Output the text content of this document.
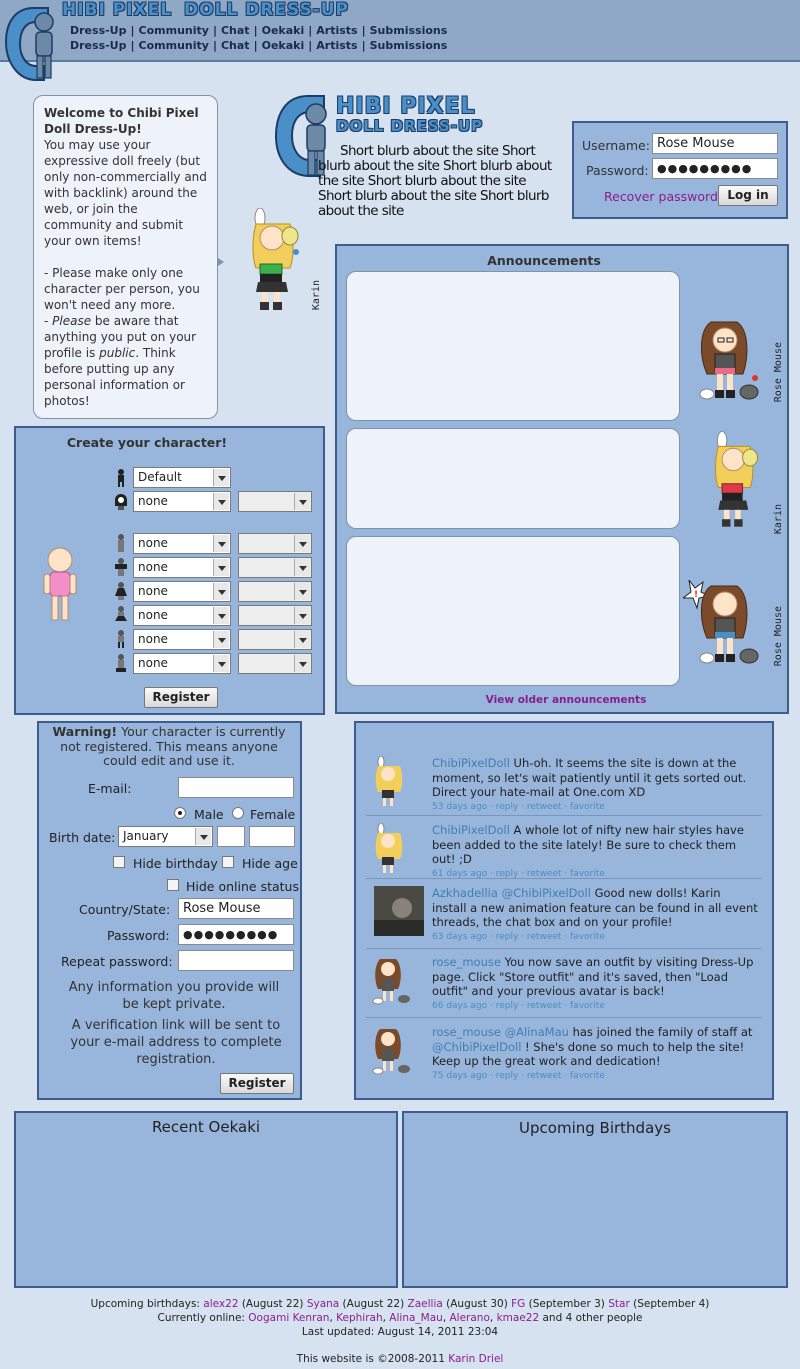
HIBI PIXEL DOLL DRESS-UP
Dress-Up | Community | Chat | Oekaki | Artists | Submissions
Dress-Up | Community | Chat | Oekaki | Artists | Submissions
Welcome to Chibi Pixel Doll Dress-Up!
You may use your expressive doll freely (but only non-commercially and with backlink) around the web, or join the community and submit your own items!
- Please make only one character per person, you won't need any more.
- Please be aware that anything you put on your profile is public. Think before putting up any personal information or photos!
Karin
HIBI PIXEL
DOLL DRESS-UP
Short blurb about the site Short blurb about the site Short blurb about the site Short blurb about the site Short blurb about the site Short blurb about the site
Username: Rose Mouse
Password: ●●●●●●●●●
Recover password Log in
Announcements
View older announcements
Rose Mouse
Karin
!
Rose Mouse
Create your character!
Default
none
none
none
none
none
none
none
Register
Warning! Your character is currently not registered. This means anyone could edit and use it.
E-mail:
Male Female
Birth date: January
Hide birthday Hide age
Hide online status
Country/State: Rose Mouse
Password:	●●●●●●●●●
Repeat password:
Any information you provide will be kept private.
A verification link will be sent to your e-mail address to complete registration.
Register
ChibiPixelDoll Uh-oh. It seems the site is down at the moment, so let's wait patiently until it gets sorted out. Direct your hate-mail at One.com XD
53 days ago · reply · retweet · favorite
ChibiPixelDoll A whole lot of nifty new hair styles have been added to the site lately! Be sure to check them out! ;D
61 days ago · reply · retweet · favorite
Azkhadellia @ChibiPixelDoll Good new dolls! Karin install a new animation feature can be found in all event threads, the chat box and on your profile!
63 days ago · reply · retweet · favorite
rose_mouse You now save an outfit by visiting Dress-Up page. Click "Store outfit" and it's saved, then "Load outfit" and your previous avatar is back!
66 days ago · reply · retweet · favorite
rose_mouse @AlinaMau has joined the family of staff at @ChibiPixelDoll ! She's done so much to help the site! Keep up the great work and dedication!
75 days ago · reply · retweet · favorite
Recent Oekaki	Upcoming Birthdays
Upcoming birthdays: alex22 (August 22) Syana (August 22) Zaellia (August 30) FG (September 3) Star (September 4)
Currently online: Oogami Kenran, Kephirah, Alina_Mau, Alerano, kmae22 and 4 other people
Last updated: August 14, 2011 23:04
This website is ©2008-2011 Karin Driel
